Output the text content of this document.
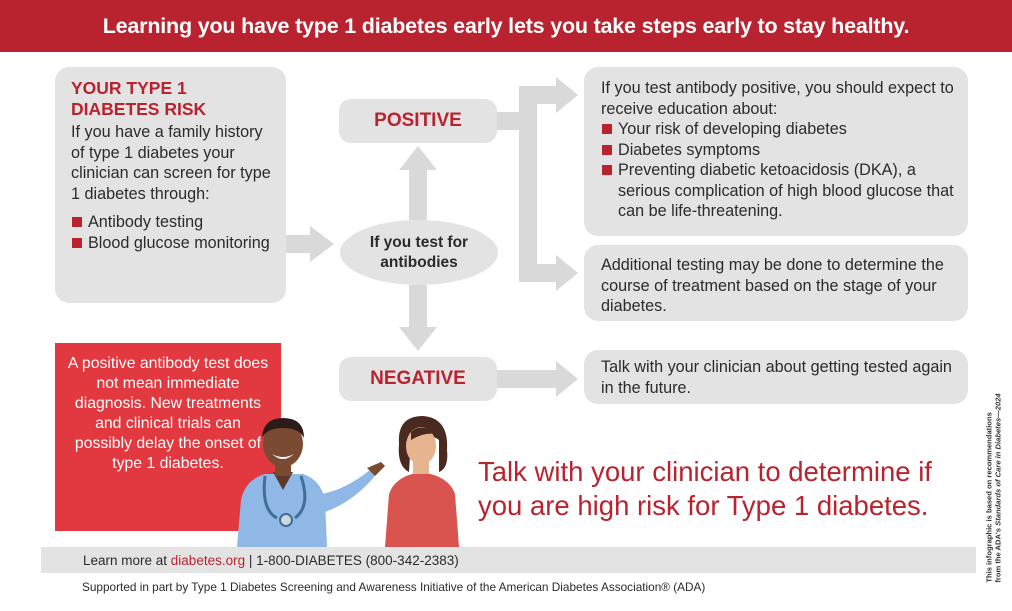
Learning you have type 1 diabetes early lets you take steps early to stay healthy.
YOUR TYPE 1
DIABETES RISK

If you have a family history of type 1 diabetes your clinician can screen for type 1 diabetes through:

Antibody testing
Blood glucose monitoring
POSITIVE
If you test for
antibodies
NEGATIVE

If you test antibody positive, you should expect to receive education about:

Your risk of developing diabetes
Diabetes symptoms
Preventing diabetic ketoacidosis (DKA), a serious complication of high blood glucose that can be life-threatening.

Additional testing may be done to determine the course of treatment based on the stage of your diabetes.

Talk with your clinician about getting tested again in the future.

A positive antibody test does not mean immediate diagnosis. New treatments and clinical trials can possibly delay the onset of type 1 diabetes.	Talk with your clinician to determine if you are high risk for Type 1 diabetes.
Learn more at diabetes.org | 1-800-DIABETES (800-342-2383)
Supported in part by Type 1 Diabetes Screening and Awareness Initiative of the American Diabetes Association® (ADA)
This infographic is based on recommendations
from the ADA's Standards of Care in Diabetes—2024
